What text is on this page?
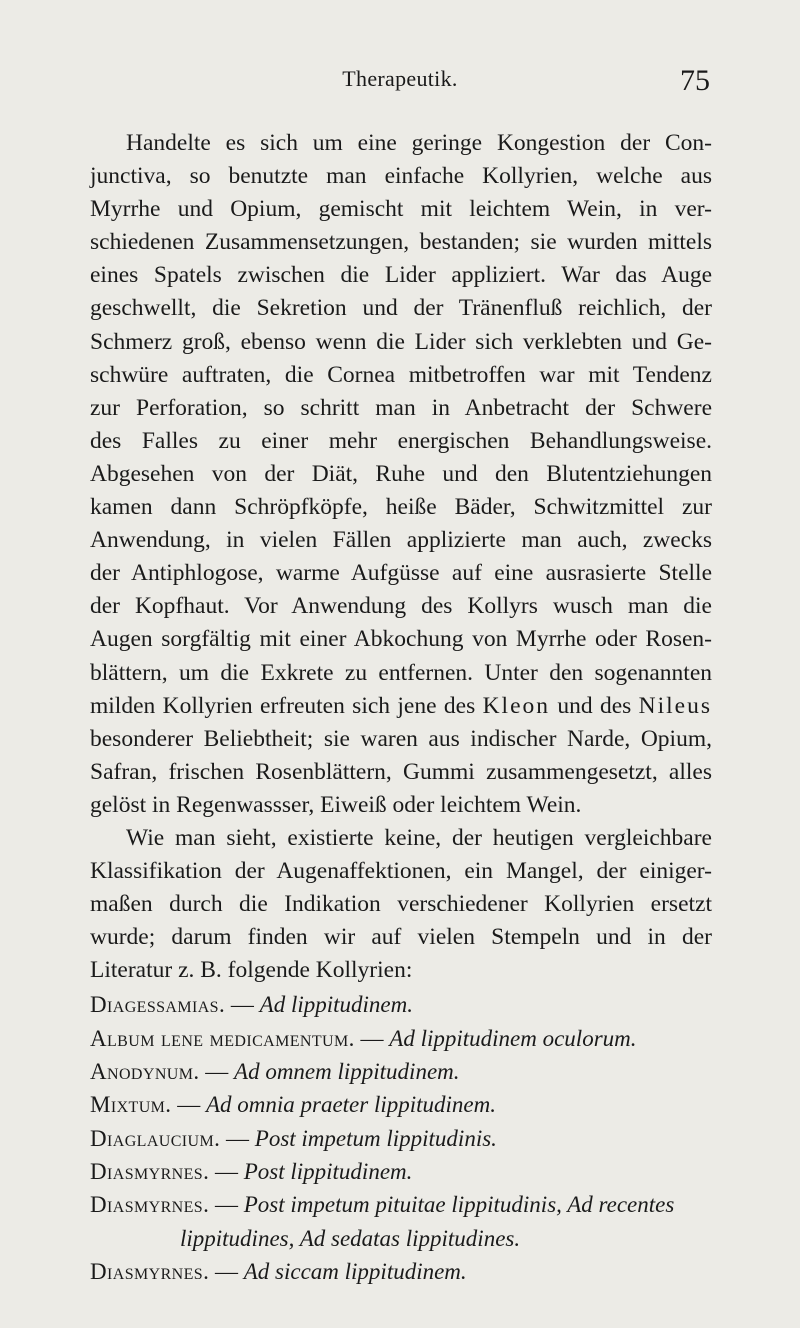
Therapeutik.	75
Handelte es sich um eine geringe Kongestion der Con-
junctiva, so benutzte man einfache Kollyrien, welche aus
Myrrhe und Opium, gemischt mit leichtem Wein, in ver-
schiedenen Zusammensetzungen, bestanden; sie wurden mittels
eines Spatels zwischen die Lider appliziert. War das Auge
geschwellt, die Sekretion und der Tränenfluß reichlich, der
Schmerz groß, ebenso wenn die Lider sich verklebten und Ge-
schwüre auftraten, die Cornea mitbetroffen war mit Tendenz
zur Perforation, so schritt man in Anbetracht der Schwere
des Falles zu einer mehr energischen Behandlungsweise.
Abgesehen von der Diät, Ruhe und den Blutentziehungen
kamen dann Schröpfköpfe, heiße Bäder, Schwitzmittel zur
Anwendung, in vielen Fällen applizierte man auch, zwecks
der Antiphlogose, warme Aufgüsse auf eine ausrasierte Stelle
der Kopfhaut. Vor Anwendung des Kollyrs wusch man die
Augen sorgfältig mit einer Abkochung von Myrrhe oder Rosen-
blättern, um die Exkrete zu entfernen. Unter den sogenannten
milden Kollyrien erfreuten sich jene des Kleon und des Nileus
besonderer Beliebtheit; sie waren aus indischer Narde, Opium,
Safran, frischen Rosenblättern, Gummi zusammengesetzt, alles
gelöst in Regenwassser, Eiweiß oder leichtem Wein.
Wie man sieht, existierte keine, der heutigen vergleichbare
Klassifikation der Augenaffektionen, ein Mangel, der einiger-
maßen durch die Indikation verschiedener Kollyrien ersetzt
wurde; darum finden wir auf vielen Stempeln und in der
Literatur z. B. folgende Kollyrien:
Diagessamias. — Ad lippitudinem.
Album lene medicamentum. — Ad lippitudinem oculorum.
Anodynum. — Ad omnem lippitudinem.
Mixtum. — Ad omnia praeter lippitudinem.
Diaglaucium. — Post impetum lippitudinis.
Diasmyrnes. — Post lippitudinem.
Diasmyrnes. — Post impetum pituitae lippitudinis, Ad recentes
lippitudines, Ad sedatas lippitudines.
Diasmyrnes. — Ad siccam lippitudinem.
